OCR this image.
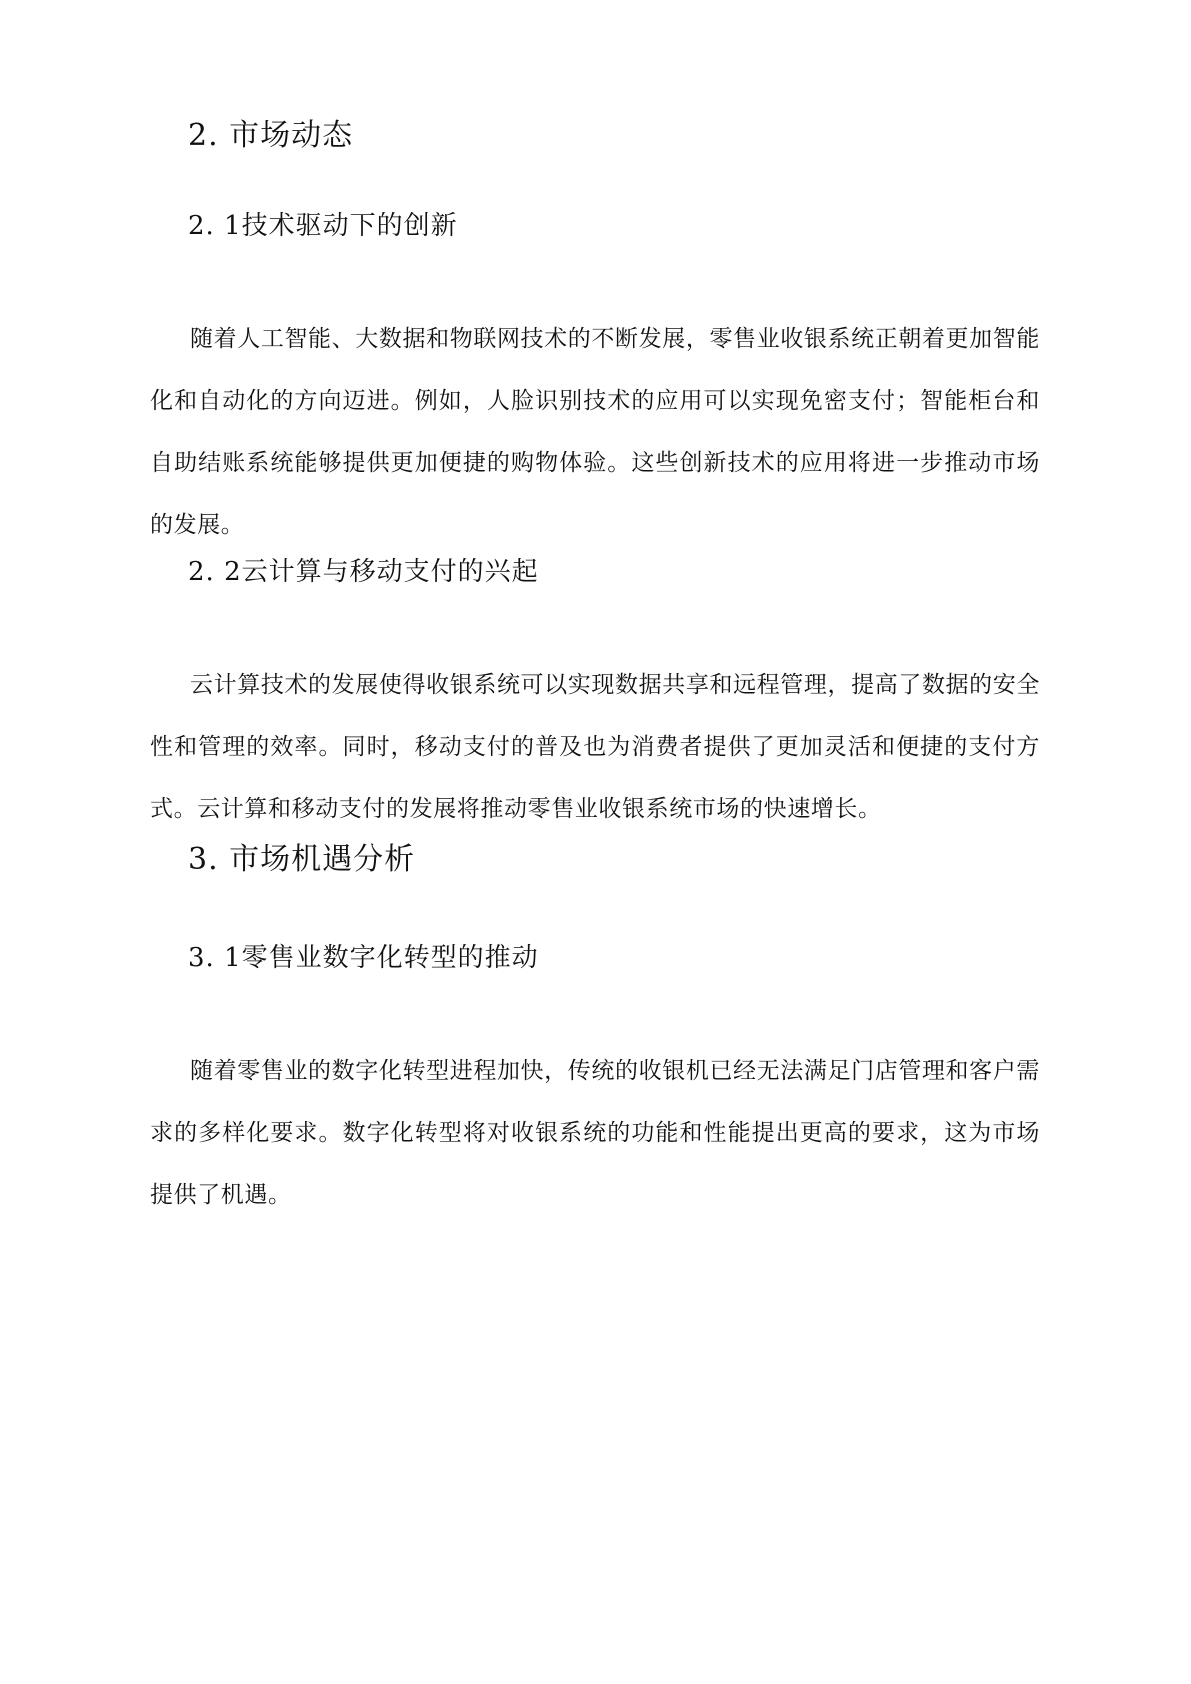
2. 市场动态
2. 1技术驱动下的创新

随着人工智能、大数据和物联网技术的不断发展，零售业收银系统正朝着更加智能化和自动化的方向迈进。例如，人脸识别技术的应用可以实现免密支付；智能柜台和自助结账系统能够提供更加便捷的购物体验。这些创新技术的应用将进一步推动市场的发展。

2. 2云计算与移动支付的兴起

云计算技术的发展使得收银系统可以实现数据共享和远程管理，提高了数据的安全性和管理的效率。同时，移动支付的普及也为消费者提供了更加灵活和便捷的支付方式。云计算和移动支付的发展将推动零售业收银系统市场的快速增长。

3. 市场机遇分析
3. 1零售业数字化转型的推动

随着零售业的数字化转型进程加快，传统的收银机已经无法满足门店管理和客户需求的多样化要求。数字化转型将对收银系统的功能和性能提出更高的要求，这为市场提供了机遇。
